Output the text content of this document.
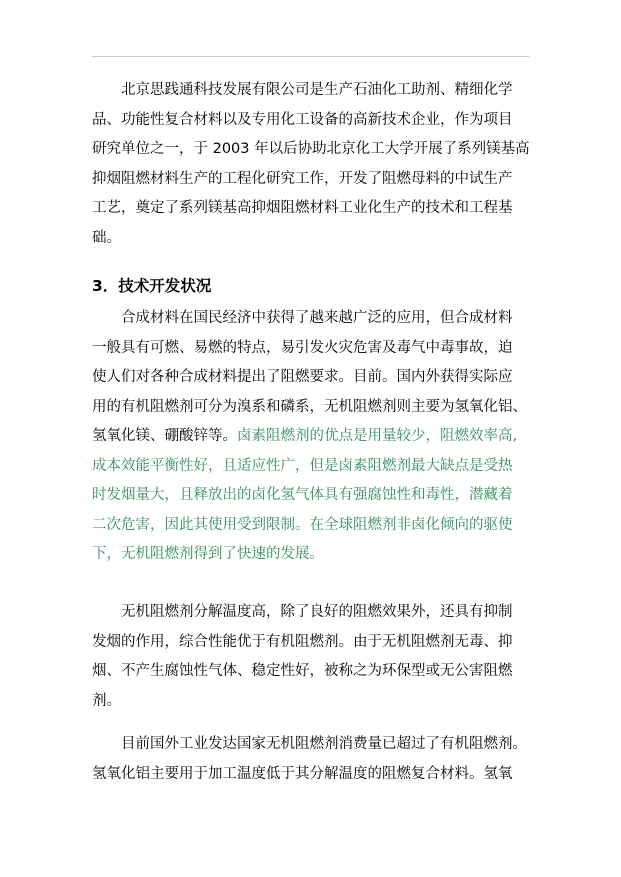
北京思践通科技发展有限公司是生产石油化工助剂、精细化学
品、功能性复合材料以及专用化工设备的高新技术企业，作为项目
研究单位之一，于 2003 年以后协助北京化工大学开展了系列镁基高
抑烟阻燃材料生产的工程化研究工作，开发了阻燃母料的中试生产
工艺，奠定了系列镁基高抑烟阻燃材料工业化生产的技术和工程基
础。

3．技术开发状况

合成材料在国民经济中获得了越来越广泛的应用，但合成材料
一般具有可燃、易燃的特点，易引发火灾危害及毒气中毒事故，迫
使人们对各种合成材料提出了阻燃要求。目前。国内外获得实际应
用的有机阻燃剂可分为溴系和磷系，无机阻燃剂则主要为氢氧化铝、
氢氧化镁、硼酸锌等。卤素阻燃剂的优点是用量较少，阻燃效率高,
成本效能平衡性好，且适应性广，但是卤素阻燃剂最大缺点是受热
时发烟量大，且释放出的卤化氢气体具有强腐蚀性和毒性，潜藏着
二次危害，因此其使用受到限制。在全球阻燃剂非卤化倾向的驱使
下，无机阻燃剂得到了快速的发展。

无机阻燃剂分解温度高，除了良好的阻燃效果外，还具有抑制
发烟的作用，综合性能优于有机阻燃剂。由于无机阻燃剂无毒、抑
烟、不产生腐蚀性气体、稳定性好，被称之为环保型或无公害阻燃
剂。

目前国外工业发达国家无机阻燃剂消费量已超过了有机阻燃剂。
氢氧化铝主要用于加工温度低于其分解温度的阻燃复合材料。氢氧
